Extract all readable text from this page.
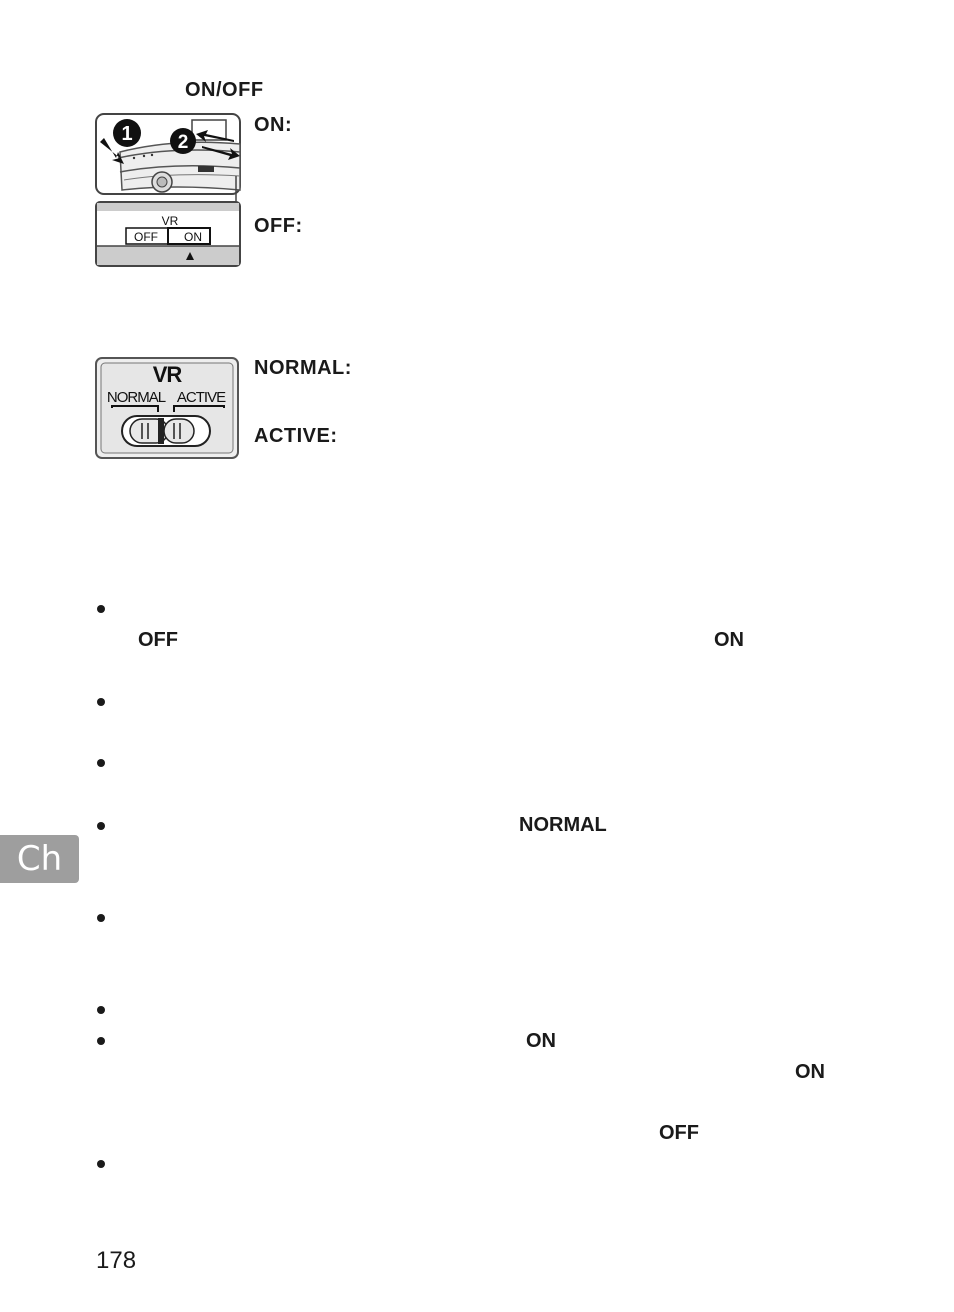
ON/OFF
1 2
VR
OFF ON
ON:
OFF:
VR
NORMAL ACTIVE
NORMAL:
ACTIVE:
OFF	ON
NORMAL
ON
ON
OFF
Ch
178
